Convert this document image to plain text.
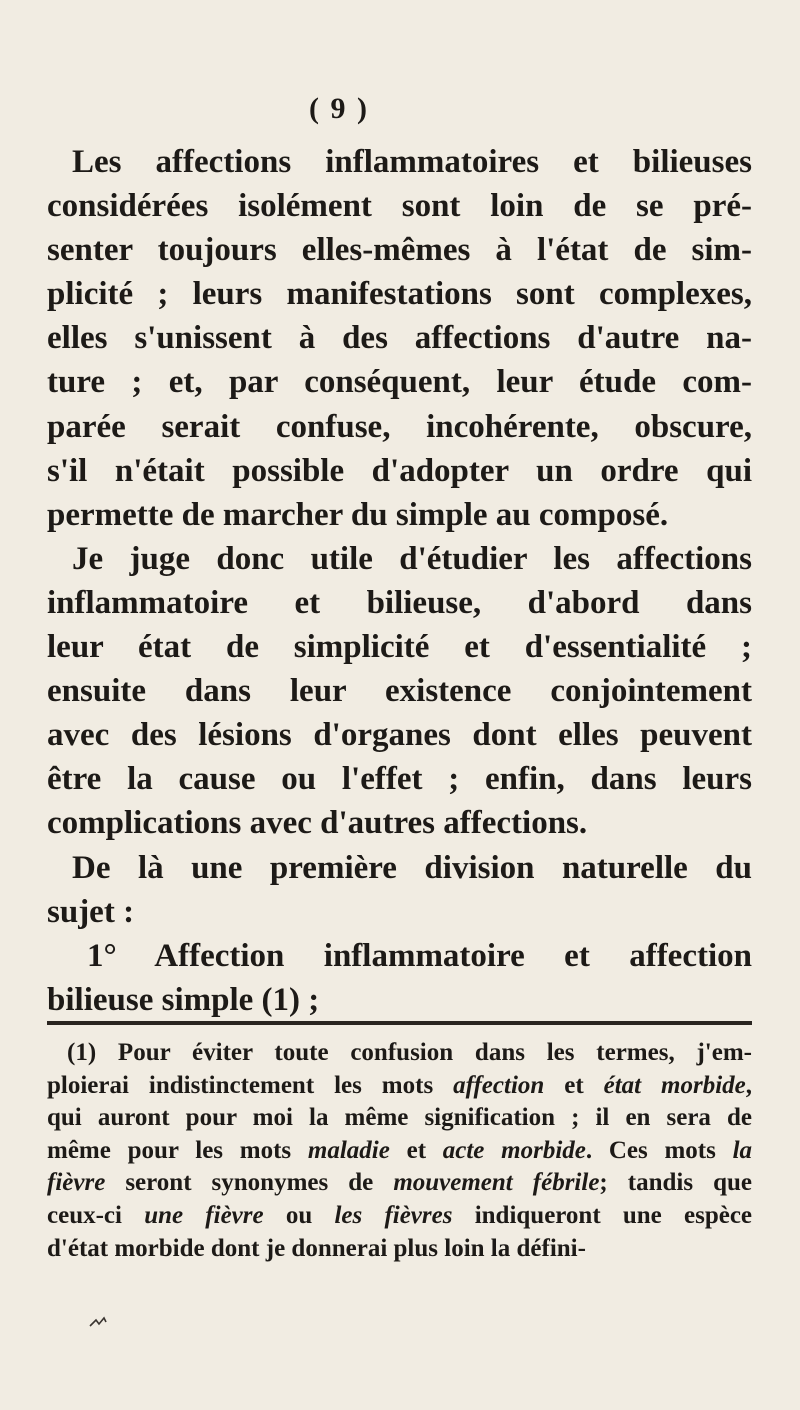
( 9 )
Les affections inflammatoires et bilieuses
considérées isolément sont loin de se pré-
senter toujours elles-mêmes à l'état de sim-
plicité ; leurs manifestations sont complexes,
elles s'unissent à des affections d'autre na-
ture ; et, par conséquent, leur étude com-
parée serait confuse, incohérente, obscure,
s'il n'était possible d'adopter un ordre qui
permette de marcher du simple au composé.
Je juge donc utile d'étudier les affections
inflammatoire et bilieuse, d'abord dans
leur état de simplicité et d'essentialité ;
ensuite dans leur existence conjointement
avec des lésions d'organes dont elles peuvent
être la cause ou l'effet ; enfin, dans leurs
complications avec d'autres affections.
De là une première division naturelle du
sujet :
1° Affection inflammatoire et affection
bilieuse simple (1) ;
(1) Pour éviter toute confusion dans les termes, j'em-
ploierai indistinctement les mots affection et état morbide,
qui auront pour moi la même signification ; il en sera de
même pour les mots maladie et acte morbide. Ces mots la
fièvre seront synonymes de mouvement fébrile; tandis que
ceux-ci une fièvre ou les fièvres indiqueront une espèce
d'état morbide dont je donnerai plus loin la défini-
